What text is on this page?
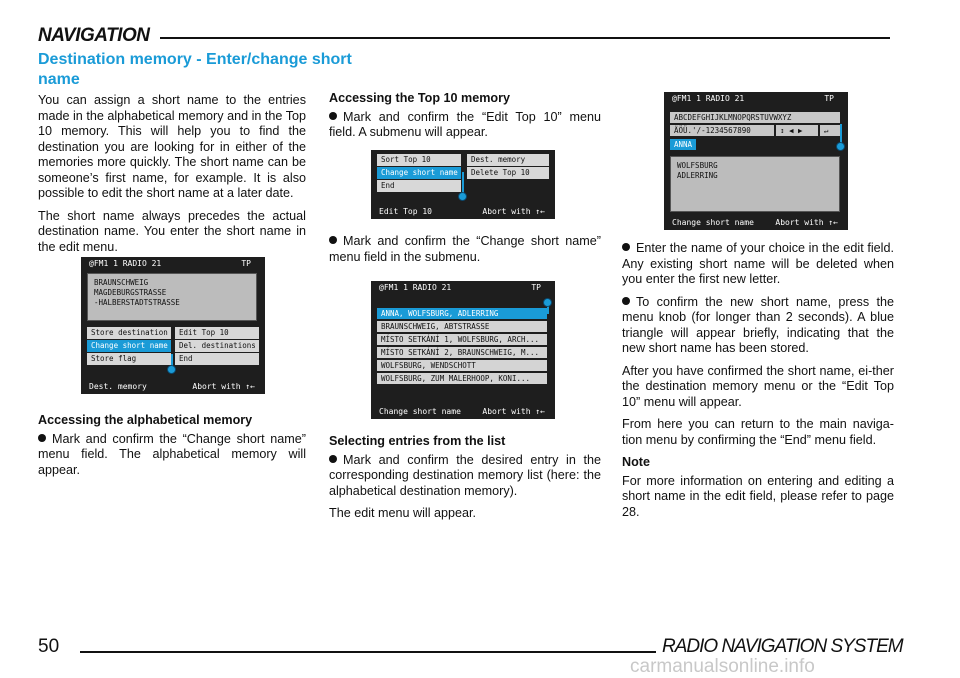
NAVIGATION
Destination memory - Enter/change short name

You can assign a short name to the entries made in the alphabetical memory and in the Top 10 memory. This will help you to find the destination you are looking for in either of the memories more quickly. The short name can be someone’s first name, for example. It is also possible to edit the short name at a later date.

The short name always precedes the actual destination name. You enter the short name in the edit menu.

@FM1 1 RADIO 21	TP
BRAUNSCHWEIG
MAGDEBURGSTRASSE
-HALBERSTADTSTRASSE
Store destination
Change short name
Store flag
Edit Top 10
Del. destinations
End
Dest. memory	Abort with ↑←
Accessing the alphabetical memory

Mark and confirm the “Change short name” menu field. The alphabetical memory will appear.

Accessing the Top 10 memory

Mark and confirm the “Edit Top 10” menu field. A submenu will appear.

Sort Top 10
Change short name
End
Dest. memory
Delete Top 10
Edit Top 10	Abort with ↑←

Mark and confirm the “Change short name” menu field in the submenu.

@FM1 1 RADIO 21	TP
ANNA, WOLFSBURG, ADLERRING
BRAUNSCHWEIG, ABTSTRASSE
MÍSTO SETKÁNÍ 1, WOLFSBURG, ARCH...
MÍSTO SETKÁNÍ 2, BRAUNSCHWEIG, M...
WOLFSBURG, WENDSCHOTT
WOLFSBURG, ZUM MALERHOOP, KONI...
Change short name	Abort with ↑←
Selecting entries from the list

Mark and confirm the desired entry in the corresponding destination memory list (here: the alphabetical destination memory).

The edit menu will appear.

@FM1 1 RADIO 21	TP
ABCDEFGHIJKLMNOPQRSTUVWXYZ
ÄÖÜ.'/-1234567890	↕ ◀ ▶	↵
ANNA
WOLFSBURG
ADLERRING
Change short name	Abort with ↑←

Enter the name of your choice in the edit field. Any existing short name will be deleted when you enter the first new letter.

To confirm the new short name, press the menu knob (for longer than 2 seconds). A blue triangle will appear briefly, indicating that the new short name has been stored.

After you have confirmed the short name, ei-ther the destination memory menu or the “Edit Top 10” menu will appear.

From here you can return to the main naviga-tion menu by confirming the “End” menu field.

Note

For more information on entering and editing a short name in the edit field, please refer to page 28.

50	RADIO NAVIGATION SYSTEM
carmanualsonline.info
